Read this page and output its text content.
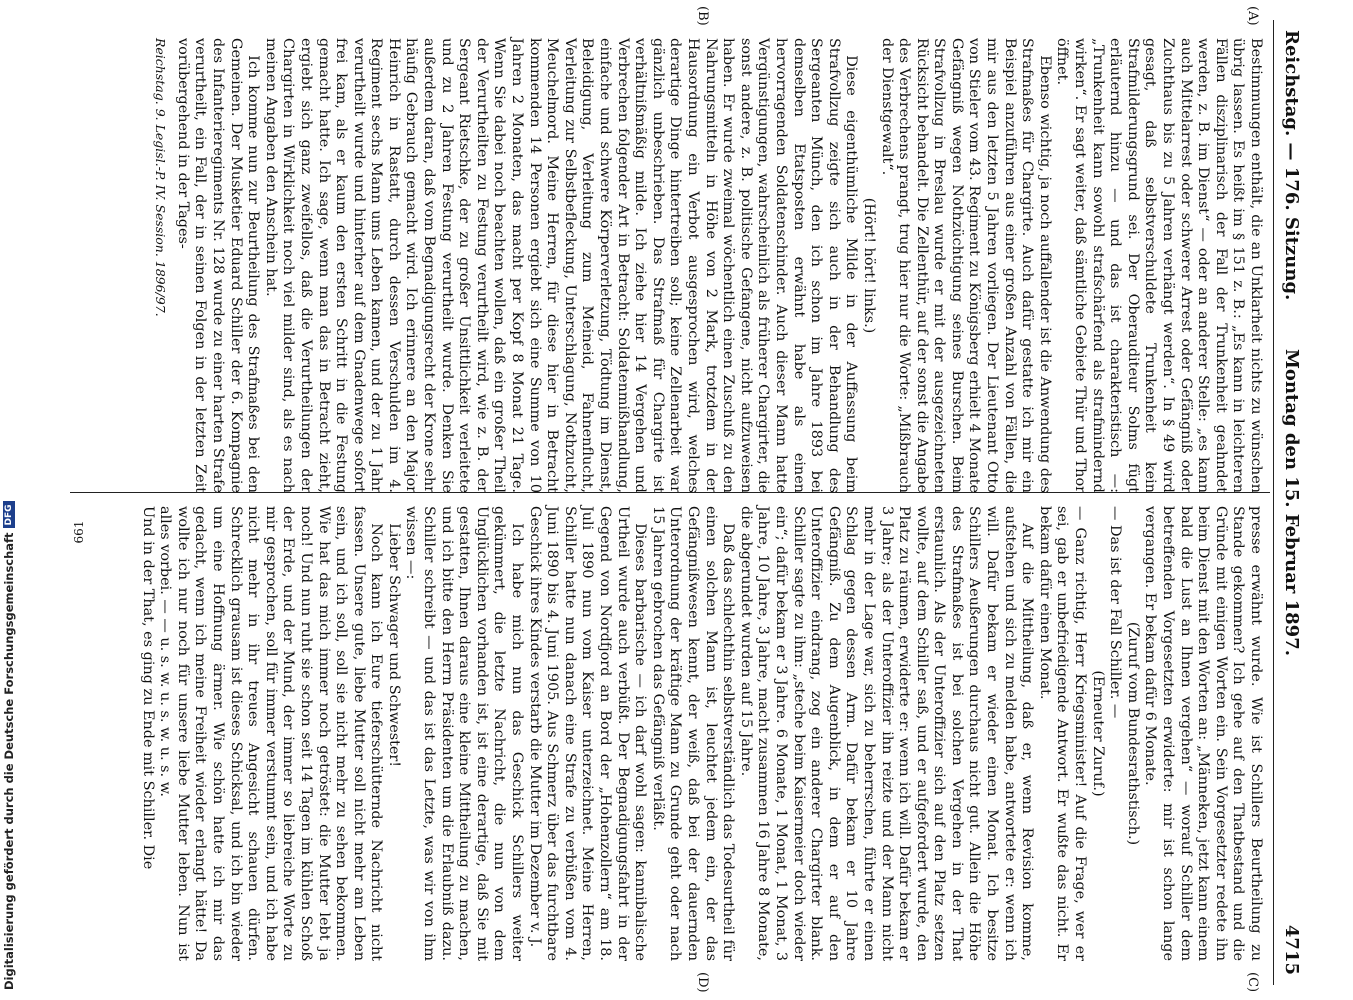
Reichstag. — 176. Sitzung.
Montag den 15. Februar 1897.
4715
(A)
(B)
(C)
(D)

Bestimmungen enthält, die an Unklarheit nichts zu wünschen übrig lassen. Es heißt im § 151 z. B.: „Es kann in leichteren Fällen disziplinarisch der Fall der Trunkenheit geahndet werden, z. B. im Dienst“ — oder an anderer Stelle: „es kann auch Mittelarrest oder schwerer Arrest oder Gefängniß oder Zuchthaus bis zu 5 Jahren verhängt werden“. In § 49 wird gesagt, daß selbstverschuldete Trunkenheit kein Strafmilderungsgrund sei. Der Oberauditeur Solms fügt erläuternd hinzu — und das ist charakteristisch —: „Trunkenheit kann sowohl strafschärfend als strafmindernd wirken“. Er sagt weiter, daß sämtliche Gebiete Thür und Thor öffnet.

Ebenso wichtig, ja noch auffallender ist die Anwendung des Strafmaßes für Chargirte. Auch dafür gestatte ich mir ein Beispiel anzuführen aus einer großen Anzahl von Fällen, die mir aus den letzten 5 Jahren vorliegen. Der Lieutenant Otto von Stieler vom 43. Regiment zu Königsberg erhielt 4 Monate Gefängniß wegen Nothzüchtigung seines Burschen. Beim Strafvollzug in Breslau wurde er mit der ausgezeichneten Rücksicht behandelt. Die Zellenthür, auf der sonst die Angabe des Verbrechens prangt, trug hier nur die Worte: „Mißbrauch der Dienstgewalt“.

(Hört! hört! links.)

Diese eigenthümliche Milde in der Auffassung beim Strafvollzug zeigte sich auch in der Behandlung des Sergeanten Münch, den ich schon im Jahre 1893 bei demselben Etatsposten erwähnt habe als einen hervorragenden Soldatenschinder. Auch dieser Mann hatte Vergünstigungen, wahrscheinlich als früherer Chargirter, die sonst andere, z. B. politische Gefangene, nicht aufzuweisen haben. Er wurde zweimal wöchentlich einen Zuschuß zu den Nahrungsmitteln in Höhe von 2 Mark, trotzdem in der Hausordnung ein Verbot ausgesprochen wird, welches derartige Dinge hintertreiben soll; keine Zellenarbeit war gänzlich unbeschrieben. Das Strafmaß für Chargirte ist verhältnißmäßig milde. Ich ziehe hier 14 Vergehen und Verbrechen folgender Art in Betracht: Soldatenmißhandlung, einfache und schwere Körperverletzung, Tödtung im Dienst, Beleidigung, Verleitung zum Meineid, Fahnenflucht, Verleitung zur Selbstbefleckung, Unterschlagung, Nothzucht, Meuchelmord. Meine Herren, für diese hier in Betracht kommenden 14 Personen ergiebt sich eine Summe von 10 Jahren 2 Monaten, das macht per Kopf 8 Monat 21 Tage. Wenn Sie dabei noch beachten wollen, daß ein großer Theil der Verurtheilten zu Festung verurtheilt wird, wie z. B. der Sergeant Rietschke, der zu großer Unsittlichkeit verleitete und zu 2 Jahren Festung verurtheilt wurde. Denken Sie außerdem daran, daß vom Begnadigungsrecht der Krone sehr häufig Gebrauch gemacht wird. Ich erinnere an den Major Heinrich in Rastatt, durch dessen Verschulden im 4. Regiment sechs Mann ums Leben kamen, und der zu 1 Jahr verurtheilt wurde und hinterher auf dem Gnadenwege sofort frei kam, als er kaum den ersten Schritt in die Festung gemacht hatte. Ich sage, wenn man das in Betracht zieht, ergiebt sich ganz zweifellos, daß die Verurtheilungen der Chargirten in Wirklichkeit noch viel milder sind, als es nach meinen Angaben den Anschein hat.

Ich komme nun zur Beurtheilung des Strafmaßes bei den Gemeinen. Der Musketier Eduard Schiller der 6. Kompagnie des Infanterieregiments Nr. 128 wurde zu einer harten Strafe verurtheilt, ein Fall, der in seinen Folgen in der letzten Zeit vorübergehend in der Tages-

Reichstag. 9. Legisl.-P. IV. Session. 1896/97.

presse erwähnt wurde. Wie ist Schillers Beurtheilung zu Stande gekommen? Ich gehe auf den Thatbestand und die Gründe mit einigen Worten ein. Sein Vorgesetzter redete ihn beim Dienst mit den Worten an: „Männeken, jetzt kann einem bald die Lust an Ihnen vergehen“ — worauf Schiller dem betreffenden Vorgesetzten erwiderte: mir ist schon lange vergangen. Er bekam dafür 6 Monate.

(Zuruf vom Bundesrathstisch.)

— Das ist der Fall Schiller. —

(Erneuter Zuruf.)

— Ganz richtig, Herr Kriegsminister! Auf die Frage, wer er sei, gab er unbefriedigende Antwort. Er wußte das nicht. Er bekam dafür einen Monat.

Auf die Mittheilung, daß er, wenn Revision komme, aufstehen und sich zu melden habe, antwortete er: wenn ich will. Dafür bekam er wieder einen Monat. Ich besitze Schillers Aeußerungen durchaus nicht gut. Allein die Höhe des Strafmaßes ist bei solchen Vergehen in der That erstaunlich. Als der Unteroffizier sich auf den Platz setzen wollte, auf dem Schiller saß, und er aufgefordert wurde, den Platz zu räumen, erwiderte er: wenn ich will. Dafür bekam er 3 Jahre; als der Unteroffizier ihn reizte und der Mann nicht mehr in der Lage war, sich zu beherrschen, führte er einen Schlag gegen dessen Arm. Dafür bekam er 10 Jahre Gefängniß. Zu dem Augenblick, in dem er auf den Unteroffizier eindrang, zog ein anderer Chargirter blank. Schiller sagte zu ihm: „steche beim Kaisermeier doch wieder ein“; dafür bekam er 3 Jahre. 6 Monate, 1 Monat, 1 Monat, 3 Jahre, 10 Jahre, 3 Jahre, macht zusammen 16 Jahre 8 Monate, die abgerundet wurden auf 15 Jahre.

Daß das schlechthin selbstverständlich das Todesurtheil für einen solchen Mann ist, leuchtet jedem ein, der das Gefängnißwesen kennt, der weiß, daß bei der dauernden Unterordnung der kräftige Mann zu Grunde geht oder nach 15 Jahren gebrochen das Gefängniß verläßt.

Dieses barbarische — ich darf wohl sagen: kannibalische Urtheil wurde auch verbüßt. Der Begnadigungsfahrt in der Gegend von Nordfjord an Bord der „Hohenzollern“ am 18. Juli 1890 nun vom Kaiser unterzeichnet. Meine Herren, Schiller hatte nun danach eine Strafe zu verbüßen vom 4. Juni 1890 bis 4. Juni 1905. Aus Schmerz über das furchtbare Geschick ihres Kindes verstarb die Mutter im Dezember v. J.

Ich habe mich nun das Geschick Schillers weiter gekümmert, die letzte Nachricht, die nun von dem Unglücklichen vorhanden ist, ist eine derartige, daß Sie mit gestatten, Ihnen daraus eine kleine Mittheilung zu machen, und ich bitte den Herrn Präsidenten um die Erlaubniß dazu. Schiller schreibt — und das ist das Letzte, was wir von ihm wissen —:

Lieber Schwager und Schwester!

Noch kann ich Eure tieferschütternde Nachricht nicht fassen. Unsere gute, liebe Mutter soll nicht mehr am Leben sein, und ich soll, soll sie nicht mehr zu sehen bekommen. Wie hat das mich immer noch getröstet: die Mutter lebt ja noch! Und nun ruht sie schon seit 14 Tagen im kühlen Schoß der Erde, und der Mund, der immer so liebreiche Worte zu mir gesprochen, soll für immer verstummt sein, und ich habe nicht mehr in ihr treues Angesicht schauen dürfen. Schrecklich grausam ist dieses Schicksal, und ich bin wieder um eine Hoffnung ärmer. Wie schön hatte ich mir das gedacht, wenn ich meine Freiheit wieder erlangt hätte! Da wollte ich nur noch für unsere liebe Mutter leben. Nun ist alles vorbei. — — u. s. w. u. s. w. u. s. w.

Und in der That, es ging zu Ende mit Schiller. Die

661
Digitalisierung gefördert durch die Deutsche Forschungsgemeinschaft
DFG
